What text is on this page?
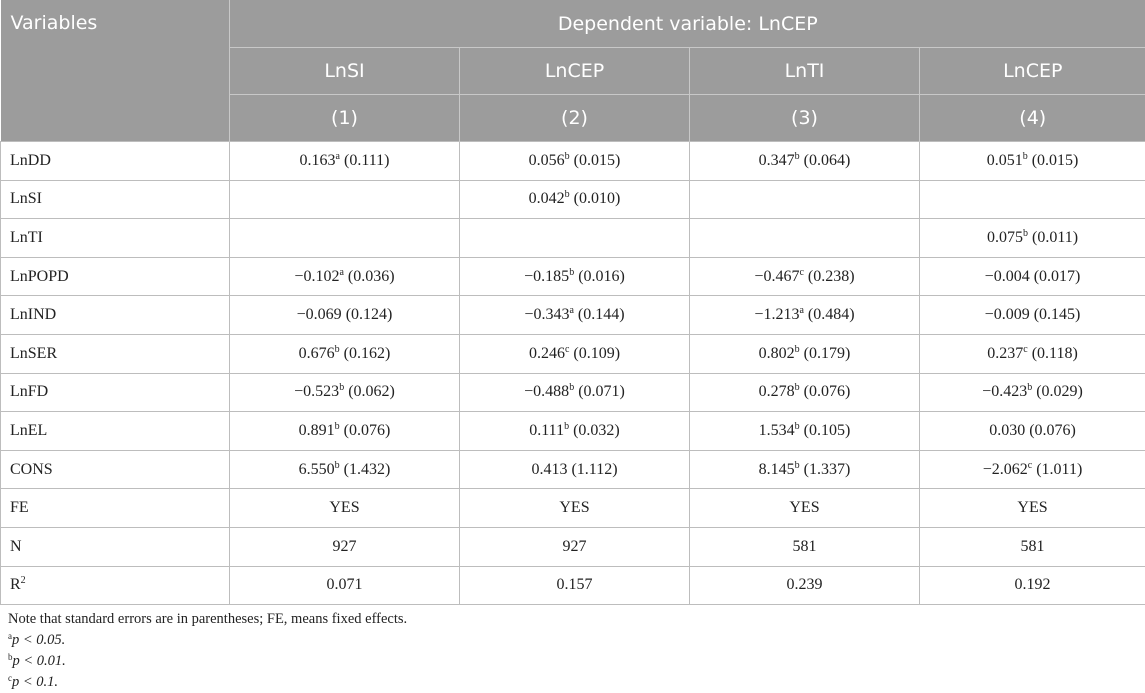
Variables	Dependent variable: LnCEP			
	LnSI	LnCEP	LnTI	LnCEP
	(1)	(2)	(3)	(4)
LnDD	0.163$^a$ (0.111)	0.056$^b$ (0.015)	0.347$^b$ (0.064)	0.051$^b$ (0.015)
LnSI		0.042$^b$ (0.010)		
LnTI				0.075$^b$ (0.011)
LnPOPD	−0.102$^a$ (0.036)	−0.185$^b$ (0.016)	−0.467$^c$ (0.238)	−0.004 (0.017)
LnIND	−0.069 (0.124)	−0.343$^a$ (0.144)	−1.213$^a$ (0.484)	−0.009 (0.145)
LnSER	0.676$^b$ (0.162)	0.246$^c$ (0.109)	0.802$^b$ (0.179)	0.237$^c$ (0.118)
LnFD	−0.523$^b$ (0.062)	−0.488$^b$ (0.071)	0.278$^b$ (0.076)	−0.423$^b$ (0.029)
LnEL	0.891$^b$ (0.076)	0.111$^b$ (0.032)	1.534$^b$ (0.105)	0.030 (0.076)
CONS	6.550$^b$ (1.432)	0.413 (1.112)	8.145$^b$ (1.337)	−2.062$^c$ (1.011)
FE	YES	YES	YES	YES
N	927	927	581	581
$R^2$	0.071	0.157	0.239	0.192

Note that standard errors are in parentheses; FE, means fixed effects.

$^a$p < 0.05.

$^b$p < 0.01.

$^c$p < 0.1.
